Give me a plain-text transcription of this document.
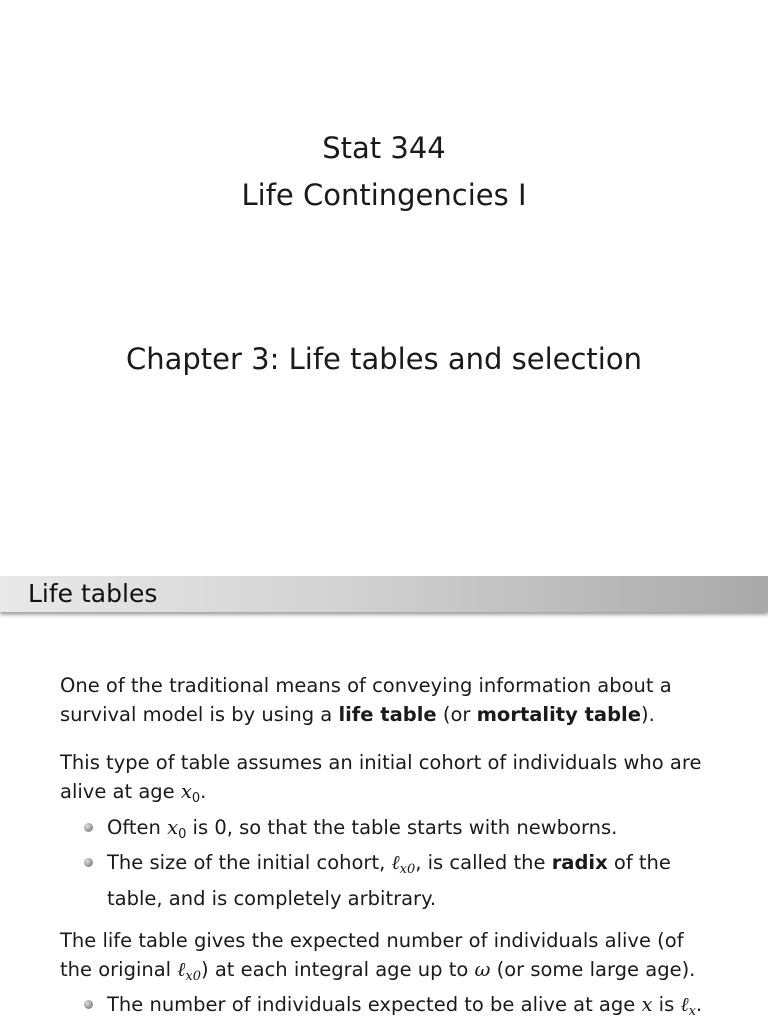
Stat 344
Life Contingencies I
Chapter 3: Life tables and selection
Life tables
One of the traditional means of conveying information about a survival model is by using a life table (or mortality table).
This type of table assumes an initial cohort of individuals who are alive at age $x_0$.
Often $x_0$ is 0, so that the table starts with newborns.
The size of the initial cohort, ℓ$_{x0}$, is called the radix of the table, and is completely arbitrary.
The life table gives the expected number of individuals alive (of the original ℓ$_{x0}$) at each integral age up to ω (or some large age).
The number of individuals expected to be alive at age x is ℓ$_x$.
